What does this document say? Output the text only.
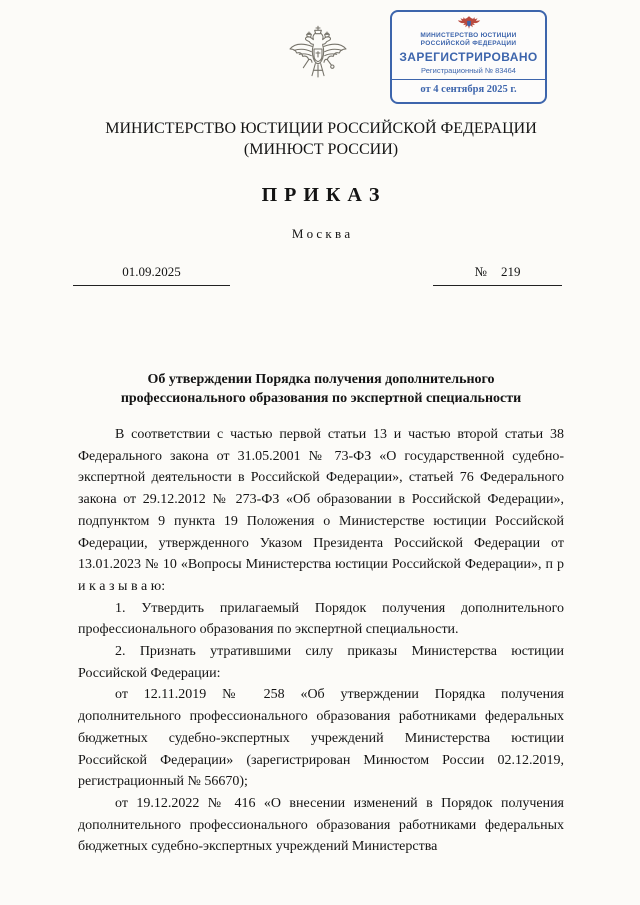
МИНИСТЕРСТВО ЮСТИЦИИ
РОССИЙСКОЙ ФЕДЕРАЦИИ
ЗАРЕГИСТРИРОВАНО
Регистрационный № 83464
от 4 сентября 2025 г.
МИНИСТЕРСТВО ЮСТИЦИИ РОССИЙСКОЙ ФЕДЕРАЦИИ
(МИНЮСТ РОССИИ)
П Р И К А З
М о с к в а
01.09.2025	№ 219
Об утверждении Порядка получения дополнительного профессионального образования по экспертной специальности

В соответствии с частью первой статьи 13 и частью второй статьи 38 Федерального закона от 31.05.2001 № 73-ФЗ «О государственной судебно-экспертной деятельности в Российской Федерации», статьей 76 Федерального закона от 29.12.2012 № 273-ФЗ «Об образовании в Российской Федерации», подпунктом 9 пункта 19 Положения о Министерстве юстиции Российской Федерации, утвержденного Указом Президента Российской Федерации от 13.01.2023 № 10 «Вопросы Министерства юстиции Российской Федерации», п р и к а з ы в а ю:

1. Утвердить прилагаемый Порядок получения дополнительного профессионального образования по экспертной специальности.

2. Признать утратившими силу приказы Министерства юстиции Российской Федерации:

от 12.11.2019 № 258 «Об утверждении Порядка получения дополнительного профессионального образования работниками федеральных бюджетных судебно-экспертных учреждений Министерства юстиции Российской Федерации» (зарегистрирован Минюстом России 02.12.2019, регистрационный № 56670);

от 19.12.2022 № 416 «О внесении изменений в Порядок получения дополнительного профессионального образования работниками федеральных бюджетных судебно-экспертных учреждений Министерства
